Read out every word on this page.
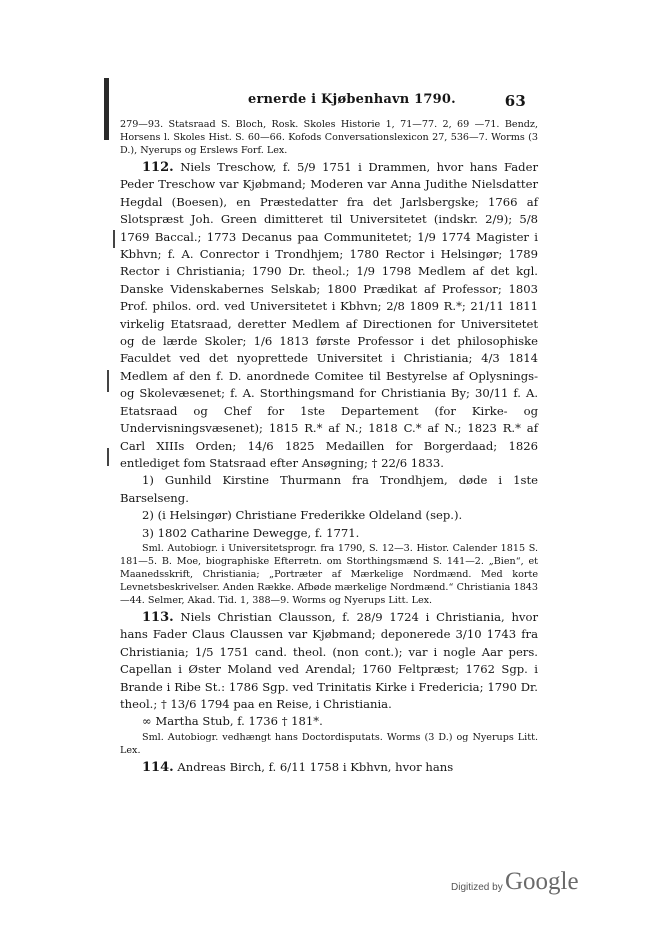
ernerde i Kjøbenhavn 1790.	63

279—93. Statsraad S. Bloch, Rosk. Skoles Historie 1, 71—77. 2, 69 —71. Bendz, Horsens l. Skoles Hist. S. 60—66. Kofods Conversationslexicon 27, 536—7. Worms (3 D.), Nyerups og Erslews Forf. Lex.

112. Niels Treschow, f. 5/9 1751 i Drammen, hvor hans Fader Peder Treschow var Kjøbmand; Moderen var Anna Judithe Nielsdatter Hegdal (Boesen), en Præstedatter fra det Jarlsbergske; 1766 af Slotspræst Joh. Green dimitteret til Universitetet (indskr. 2/9); 5/8 1769 Baccal.; 1773 Decanus paa Communitetet; 1/9 1774 Magister i Kbhvn; f. A. Conrector i Trondhjem; 1780 Rector i Helsingør; 1789 Rector i Christiania; 1790 Dr. theol.; 1/9 1798 Medlem af det kgl. Danske Videnskabernes Selskab; 1800 Prædikat af Professor; 1803 Prof. philos. ord. ved Universitetet i Kbhvn; 2/8 1809 R.*; 21/11 1811 virkelig Etatsraad, deretter Medlem af Directionen for Universitetet og de lærde Skoler; 1/6 1813 første Professor i det philosophiske Faculdet ved det nyoprettede Universitet i Christiania; 4/3 1814 Medlem af den f. D. anordnede Comitee til Bestyrelse af Oplysnings- og Skolevæsenet; f. A. Storthingsmand for Christiania By; 30/11 f. A. Etatsraad og Chef for 1ste Departement (for Kirke- og Undervisningsvæsenet); 1815 R.* af N.; 1818 C.* af N.; 1823 R.* af Carl XIIIs Orden; 14/6 1825 Medaillen for Borgerdaad; 1826 entlediget fom Statsraad efter Ansøgning; † 22/6 1833.

1) Gunhild Kirstine Thurmann fra Trondhjem, døde i 1ste Barselseng.

2) (i Helsingør) Christiane Frederikke Oldeland (sep.).

3) 1802 Catharine Dewegge, f. 1771.

Sml. Autobiogr. i Universitetsprogr. fra 1790, S. 12—3. Histor. Calender 1815 S. 181—5. B. Moe, biographiske Efterretn. om Storthingsmænd S. 141—2. „Bien“, et Maanedsskrift, Christiania; „Portræter af Mærkelige Nordmænd. Med korte Levnetsbeskrivelser. Anden Række. Afbøde mærkelige Nordmænd.“ Christiania 1843—44. Selmer, Akad. Tid. 1, 388—9. Worms og Nyerups Litt. Lex.

113. Niels Christian Clausson, f. 28/9 1724 i Christiania, hvor hans Fader Claus Claussen var Kjøbmand; deponerede 3/10 1743 fra Christiania; 1/5 1751 cand. theol. (non cont.); var i nogle Aar pers. Capellan i Øster Moland ved Arendal; 1760 Feltpræst; 1762 Sgp. i Brande i Ribe St.: 1786 Sgp. ved Trinitatis Kirke i Fredericia; 1790 Dr. theol.; † 13/6 1794 paa en Reise, i Christiania.

∞ Martha Stub, f. 1736 † 181*.

Sml. Autobiogr. vedhængt hans Doctordisputats. Worms (3 D.) og Nyerups Litt. Lex.

114. Andreas Birch, f. 6/11 1758 i Kbhvn, hvor hans

Digitized by Google
